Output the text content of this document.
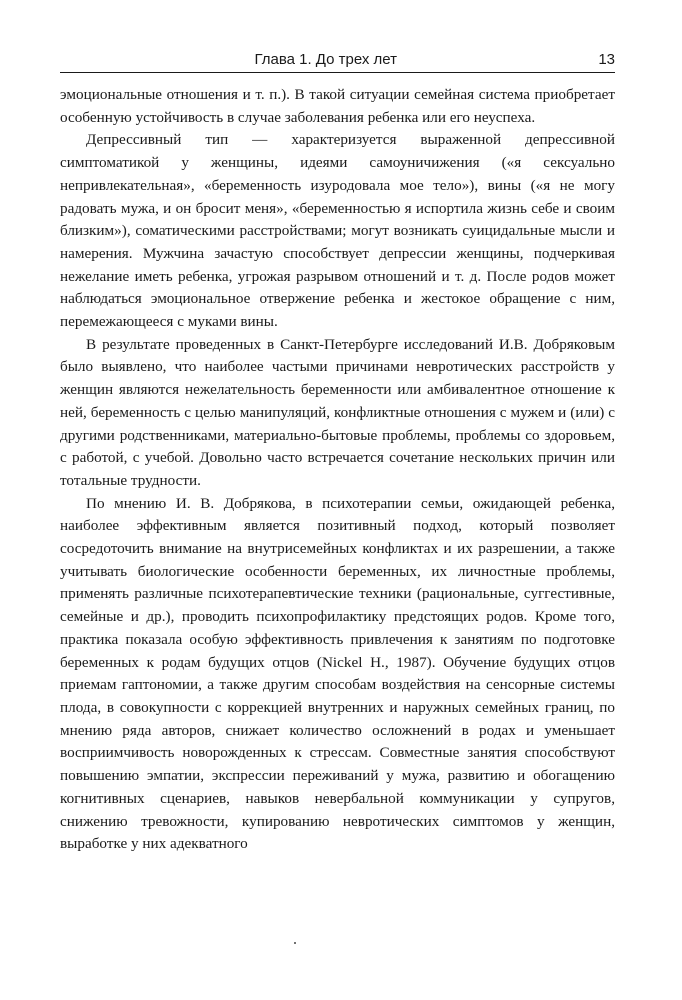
Глава 1. До трех лет	13

эмоциональные отношения и т. п.). В такой ситуации семейная система приобретает особенную устойчивость в случае заболевания ребенка или его неуспеха.

Депрессивный тип — характеризуется выраженной депрессивной симптоматикой у женщины, идеями самоуничижения («я сексуально непривлекательная», «беременность изуродовала мое тело»), вины («я не могу радовать мужа, и он бросит меня», «беременностью я испортила жизнь себе и своим близким»), соматическими расстройствами; могут возникать суицидальные мысли и намерения. Мужчина зачастую способствует депрессии женщины, подчеркивая нежелание иметь ребенка, угрожая разрывом отношений и т. д. После родов может наблюдаться эмоциональное отвержение ребенка и жестокое обращение с ним, перемежающееся с муками вины.

В результате проведенных в Санкт-Петербурге исследований И.В. Добряковым было выявлено, что наиболее частыми причинами невротических расстройств у женщин являются нежелательность беременности или амбивалентное отношение к ней, беременность с целью манипуляций, конфликтные отношения с мужем и (или) с другими родственниками, материально-бытовые проблемы, проблемы со здоровьем, с работой, с учебой. Довольно часто встречается сочетание нескольких причин или тотальные трудности.

По мнению И. В. Добрякова, в психотерапии семьи, ожидающей ребенка, наиболее эффективным является позитивный подход, который позволяет сосредоточить внимание на внутрисемейных конфликтах и их разрешении, а также учитывать биологические особенности беременных, их личностные проблемы, применять различные психотерапевтические техники (рациональные, суггестивные, семейные и др.), проводить психопрофилактику предстоящих родов. Кроме того, практика показала особую эффективность привлечения к занятиям по подготовке беременных к родам будущих отцов (Nickel H., 1987). Обучение будущих отцов приемам гаптономии, а также другим способам воздействия на сенсорные системы плода, в совокупности с коррекцией внутренних и наружных семейных границ, по мнению ряда авторов, снижает количество осложнений в родах и уменьшает восприимчивость новорожденных к стрессам. Совместные занятия способствуют повышению эмпатии, экспрессии переживаний у мужа, развитию и обогащению когнитивных сценариев, навыков невербальной коммуникации у супругов, снижению тревожности, купированию невротических симптомов у женщин, выработке у них адекватного
